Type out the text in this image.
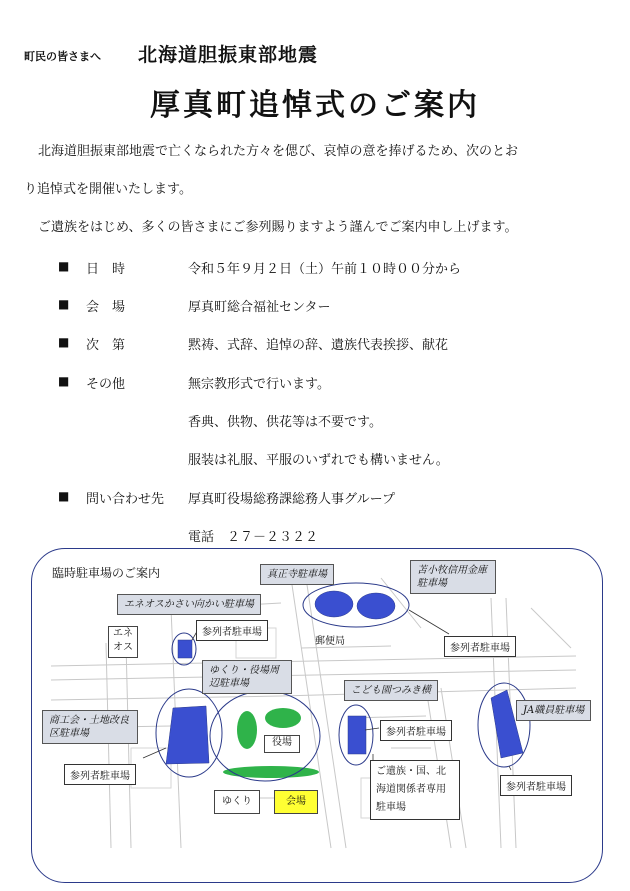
町民の皆さまへ 北海道胆振東部地震
厚真町追悼式のご案内
北海道胆振東部地震で亡くなられた方々を偲び、哀悼の意を捧げるため、次のとお
り追悼式を開催いたします。
ご遺族をはじめ、多くの皆さまにご参列賜りますよう謹んでご案内申し上げます。
■ 日　時	令和５年９月２日（土）午前１０時００分から
■ 会　場	厚真町総合福祉センター
■ 次　第	黙祷、式辞、追悼の辞、遺族代表挨拶、献花
■ その他	無宗教形式で行います。
香典、供物、供花等は不要です。
服装は礼服、平服のいずれでも構いません。
■ 問い合わせ先 厚真町役場総務課総務人事グループ
電話　２７－２３２２
臨時駐車場のご案内	真正寺駐車場	苫小牧信用金庫駐車場
エネオスかさい向かい駐車場
ゆくり・役場周辺駐車場
こども園つみき横
商工会・土地改良区駐車場
JA職員駐車場
エネオス
郵便局
役場
ゆくり	会場
参列者駐車場
参列者駐車場
参列者駐車場
参列者駐車場
参列者駐車場
ご遺族・国、北海道関係者専用駐車場
